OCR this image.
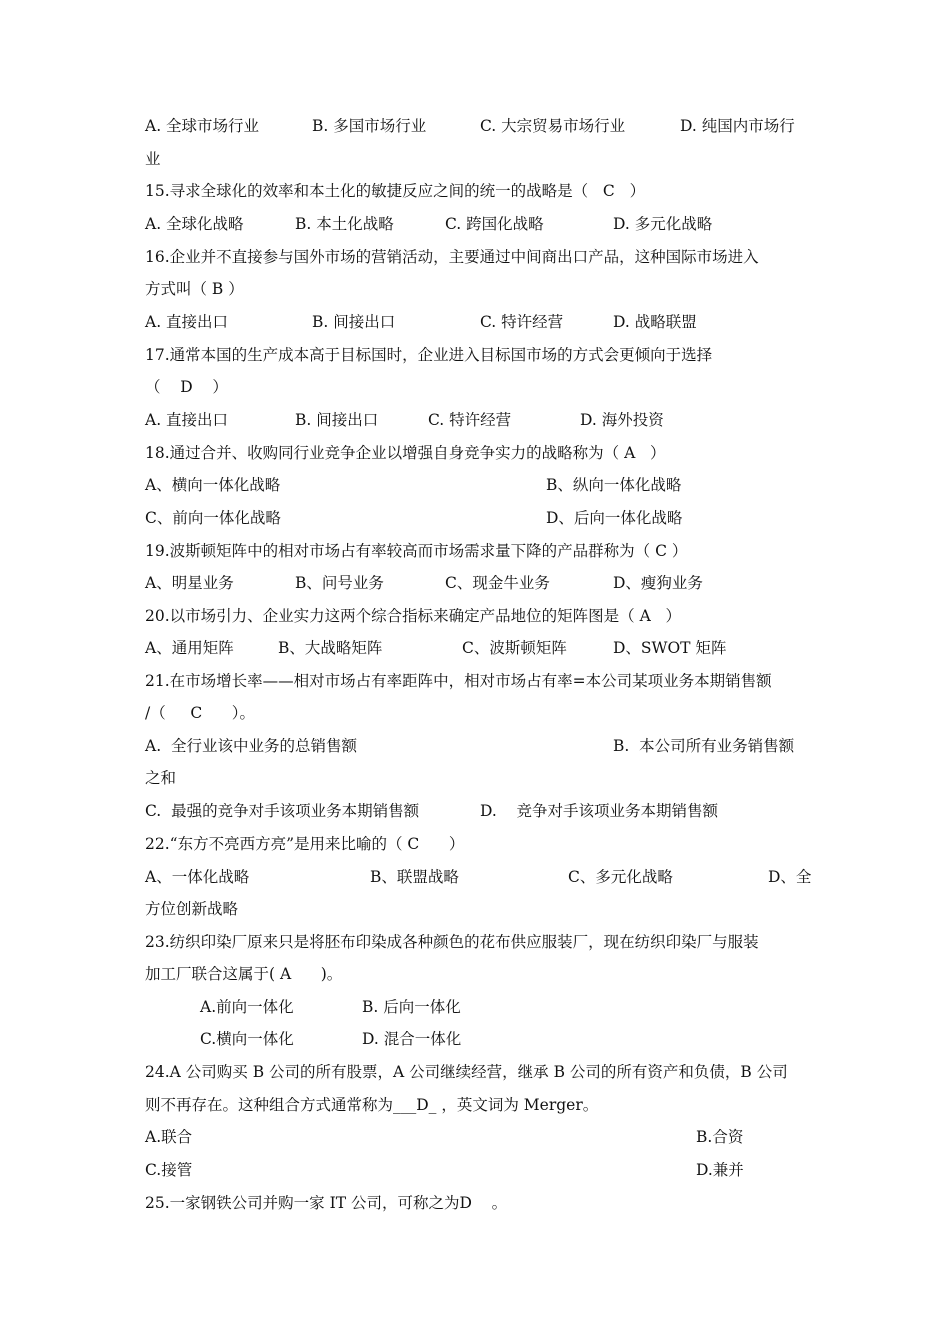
A. 全球市场行业	B. 多国市场行业	C. 大宗贸易市场行业	D. 纯国内市场行
业
15.寻求全球化的效率和本土化的敏捷反应之间的统一的战略是（   C   ）
A. 全球化战略	B. 本土化战略	C. 跨国化战略	D. 多元化战略
16.企业并不直接参与国外市场的营销活动，主要通过中间商出口产品，这种国际市场进入
方式叫（ B ）
A. 直接出口	B. 间接出口	C. 特许经营	D. 战略联盟
17.通常本国的生产成本高于目标国时，企业进入目标国市场的方式会更倾向于选择
（    D    ）
A. 直接出口	B. 间接出口	C. 特许经营	D. 海外投资
18.通过合并、收购同行业竞争企业以增强自身竞争实力的战略称为（ A   ）
A、横向一体化战略	B、纵向一体化战略
C、前向一体化战略	D、后向一体化战略
19.波斯顿矩阵中的相对市场占有率较高而市场需求量下降的产品群称为（ C ）
A、明星业务	B、问号业务	C、现金牛业务	D、瘦狗业务
20.以市场引力、企业实力这两个综合指标来确定产品地位的矩阵图是（ A   ）
A、通用矩阵	B、大战略矩阵	C、波斯顿矩阵	D、SWOT 矩阵
21.在市场增长率——相对市场占有率距阵中，相对市场占有率=本公司某项业务本期销售额
/（     C      ）。
A.  全行业该中业务的总销售额	B.  本公司所有业务销售额
之和
C.  最强的竞争对手该项业务本期销售额	D.    竞争对手该项业务本期销售额
22.“东方不亮西方亮”是用来比喻的（ C      ）
A、一体化战略	B、联盟战略	C、多元化战略	D、全
方位创新战略
23.纺织印染厂原来只是将胚布印染成各种颜色的花布供应服装厂，现在纺织印染厂与服装
加工厂联合这属于( A      )。
A.前向一体化	B. 后向一体化
C.横向一体化	D. 混合一体化
24.A 公司购买 B 公司的所有股票，A 公司继续经营，继承 B 公司的所有资产和负债，B 公司
则不再存在。这种组合方式通常称为___D_ ，英文词为 Merger。
A.联合	B.合资
C.接管	D.兼并
25.一家钢铁公司并购一家 IT 公司，可称之为D    。
